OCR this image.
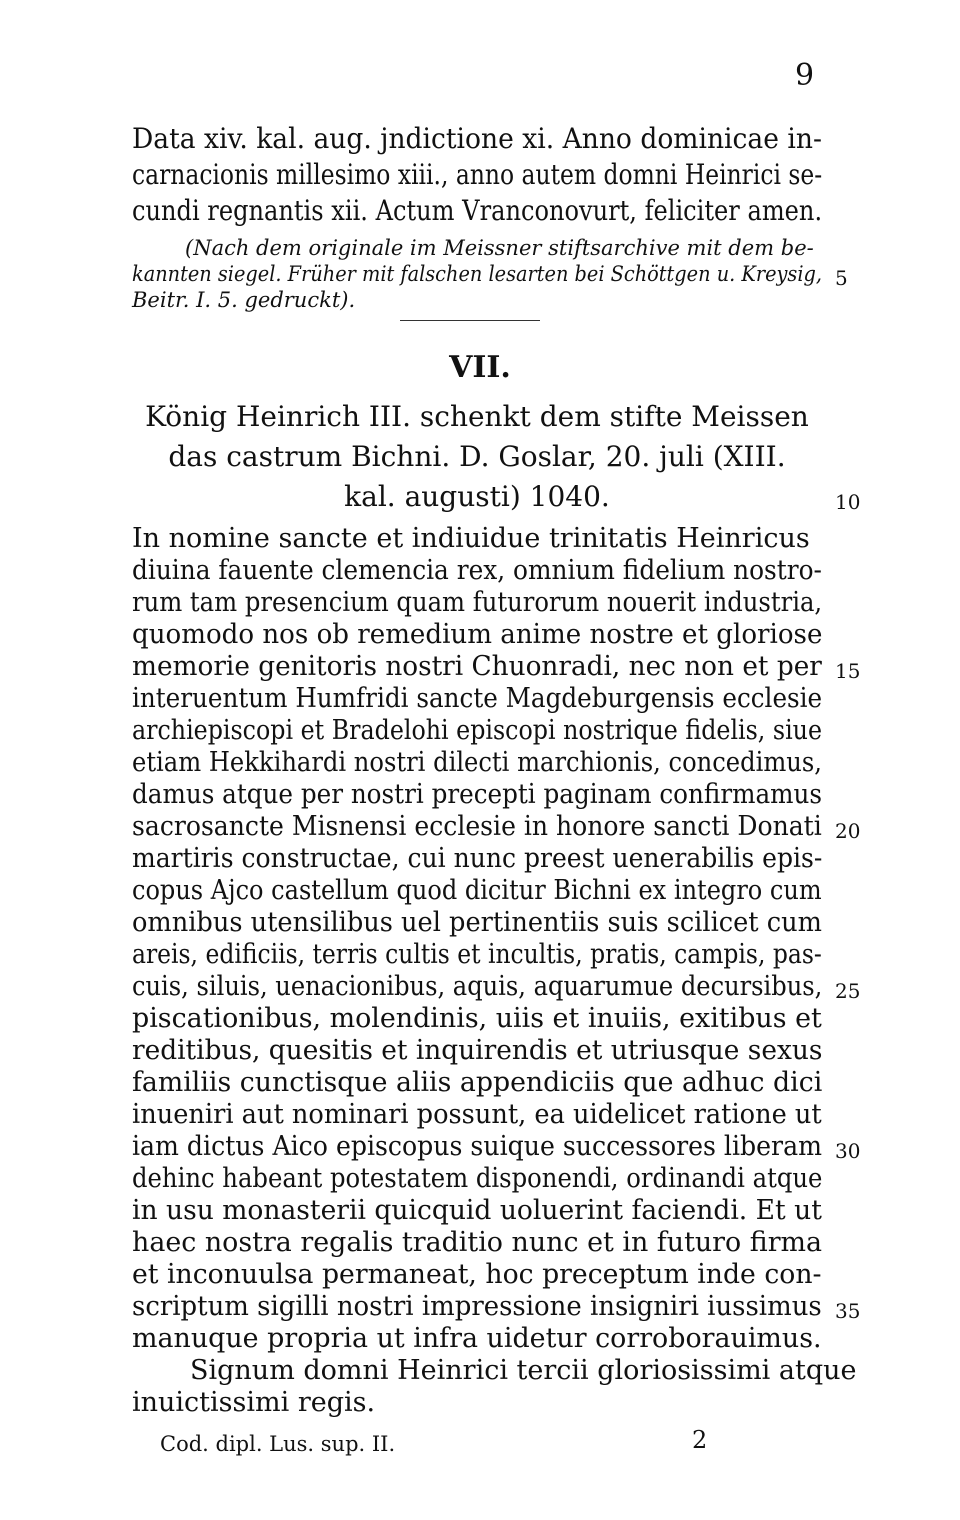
9
Data xiv. kal. aug. jndictione xi. Anno dominicae in-
carnacionis millesimo xiii., anno autem domni Heinrici se-
cundi regnantis xii. Actum Vranconovurt, feliciter amen.
(Nach dem originale im Meissner stiftsarchive mit dem be-
kannten siegel. Früher mit falschen lesarten bei Schöttgen u. Kreysig,
Beitr. I. 5. gedruckt).
5
VII.
König Heinrich III. schenkt dem stifte Meissen
das castrum Bichni. D. Goslar, 20. juli (XIII.
kal. augusti) 1040.	10
In nomine sancte et indiuidue trinitatis Heinricus
diuina fauente clemencia rex, omnium fidelium nostro-
rum tam presencium quam futurorum nouerit industria,
quomodo nos ob remedium anime nostre et gloriose
memorie genitoris nostri Chuonradi, nec non et per 15
interuentum Humfridi sancte Magdeburgensis ecclesie
archiepiscopi et Bradelohi episcopi nostrique fidelis, siue
etiam Hekkihardi nostri dilecti marchionis, concedimus,
damus atque per nostri precepti paginam confirmamus
sacrosancte Misnensi ecclesie in honore sancti Donati 20
martiris constructae, cui nunc preest uenerabilis epis-
copus Ajco castellum quod dicitur Bichni ex integro cum
omnibus utensilibus uel pertinentiis suis scilicet cum
areis, edificiis, terris cultis et incultis, pratis, campis, pas-
cuis, siluis, uenacionibus, aquis, aquarumue decursibus, 25
piscationibus, molendinis, uiis et inuiis, exitibus et
reditibus, quesitis et inquirendis et utriusque sexus
familiis cunctisque aliis appendiciis que adhuc dici
inueniri aut nominari possunt, ea uidelicet ratione ut
iam dictus Aico episcopus suique successores liberam 30
dehinc habeant potestatem disponendi, ordinandi atque
in usu monasterii quicquid uoluerint faciendi. Et ut
haec nostra regalis traditio nunc et in futuro firma
et inconuulsa permaneat, hoc preceptum inde con-
scriptum sigilli nostri impressione insigniri iussimus 35
manuque propria ut infra uidetur corroborauimus.
Signum domni Heinrici tercii gloriosissimi atque
inuictissimi regis.
Cod. dipl. Lus. sup. II.	2
